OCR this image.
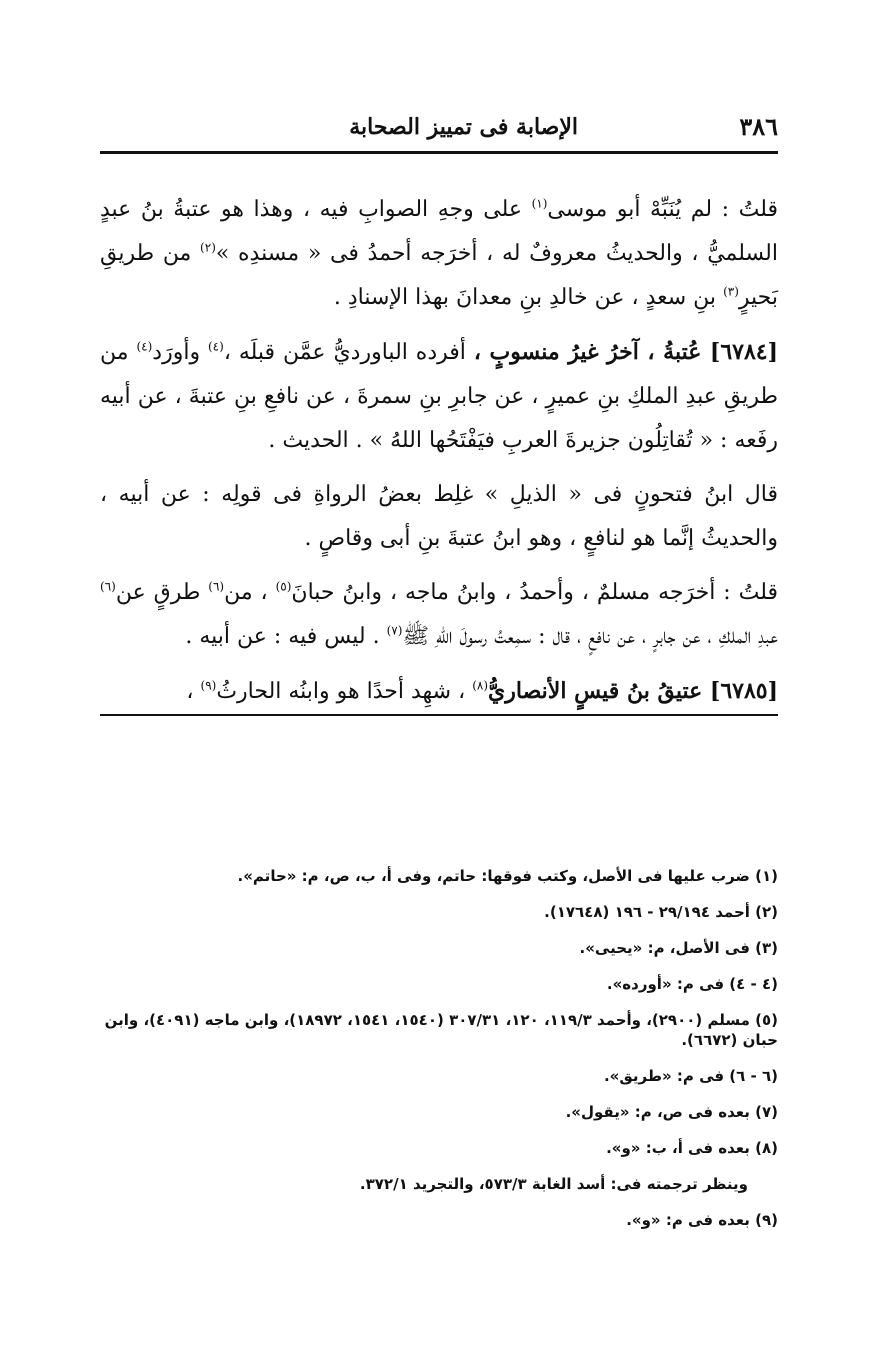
٣٨٦
الإصابة فى تمييز الصحابة

قلتُ : لم يُنَبِّهْ أبو موسى$^{(١)}$ على وجهِ الصوابِ فيه ، وهذا هو عتبةُ بنُ عبدٍ السلميُّ ، والحديثُ معروفٌ له ، أخرَجه أحمدُ فى « مسندِه »$^{(٢)}$ من طريقِ بَحيرٍ$^{(٣)}$ بنِ سعدٍ ، عن خالدِ بنِ معدانَ بهذا الإسنادِ .

[٦٧٨٤] عُتبةُ ، آخرُ غيرُ منسوبٍ ، أفرده الباورديُّ عمَّن قبلَه ،$^{(٤)}$ وأورَد$^{(٤)}$ من طريقِ عبدِ الملكِ بنِ عميرٍ ، عن جابرِ بنِ سمرةَ ، عن نافعِ بنِ عتبةَ ، عن أبيه رفَعه : « تُقاتِلُون جزيرةَ العربِ فيَفْتَحُها اللهُ » . الحديث .

قال ابنُ فتحونٍ فى « الذيلِ » غلِط بعضُ الرواةِ فى قولِه : عن أبيه ، والحديثُ إنَّما هو لنافعٍ ، وهو ابنُ عتبةَ بنِ أبى وقاصٍ .

قلتُ : أخرَجه مسلمٌ ، وأحمدُ ، وابنُ ماجه ، وابنُ حبانَ$^{(٥)}$ ، من$^{(٦)}$ طرقٍ عن$^{(٦)}$ عبدِ الملكِ ، عن جابرٍ ، عن نافعٍ ، قال : سمِعتُ رسولَ اللهِ ﷺ$^{(٧)}$ . ليس فيه : عن أبيه .

[٦٧٨٥] عتيقُ بنُ قيسٍ الأنصاريُّ$^{(٨)}$ ، شهِد أحدًا هو وابنُه الحارثُ$^{(٩)}$ ،

(١) ضرب عليها فى الأصل، وكتب فوقها: حاتم، وفى أ، ب، ص، م: «حاتم».

(٢) أحمد ٢٩/١٩٤ - ١٩٦ (١٧٦٤٨).

(٣) فى الأصل، م: «يحيى».

(٤ - ٤) فى م: «أورده».

(٥) مسلم (٢٩٠٠)، وأحمد ١١٩/٣، ١٢٠، ٣٠٧/٣١ (١٥٤٠، ١٥٤١، ١٨٩٧٢)، وابن ماجه (٤٠٩١)، وابن حبان (٦٦٧٢).

(٦ - ٦) فى م: «طريق».

(٧) بعده فى ص، م: «يقول».

(٨) بعده فى أ، ب: «و».

وينظر ترجمته فى: أسد الغابة ٥٧٣/٣، والتجريد ٣٧٢/١.

(٩) بعده فى م: «و».
